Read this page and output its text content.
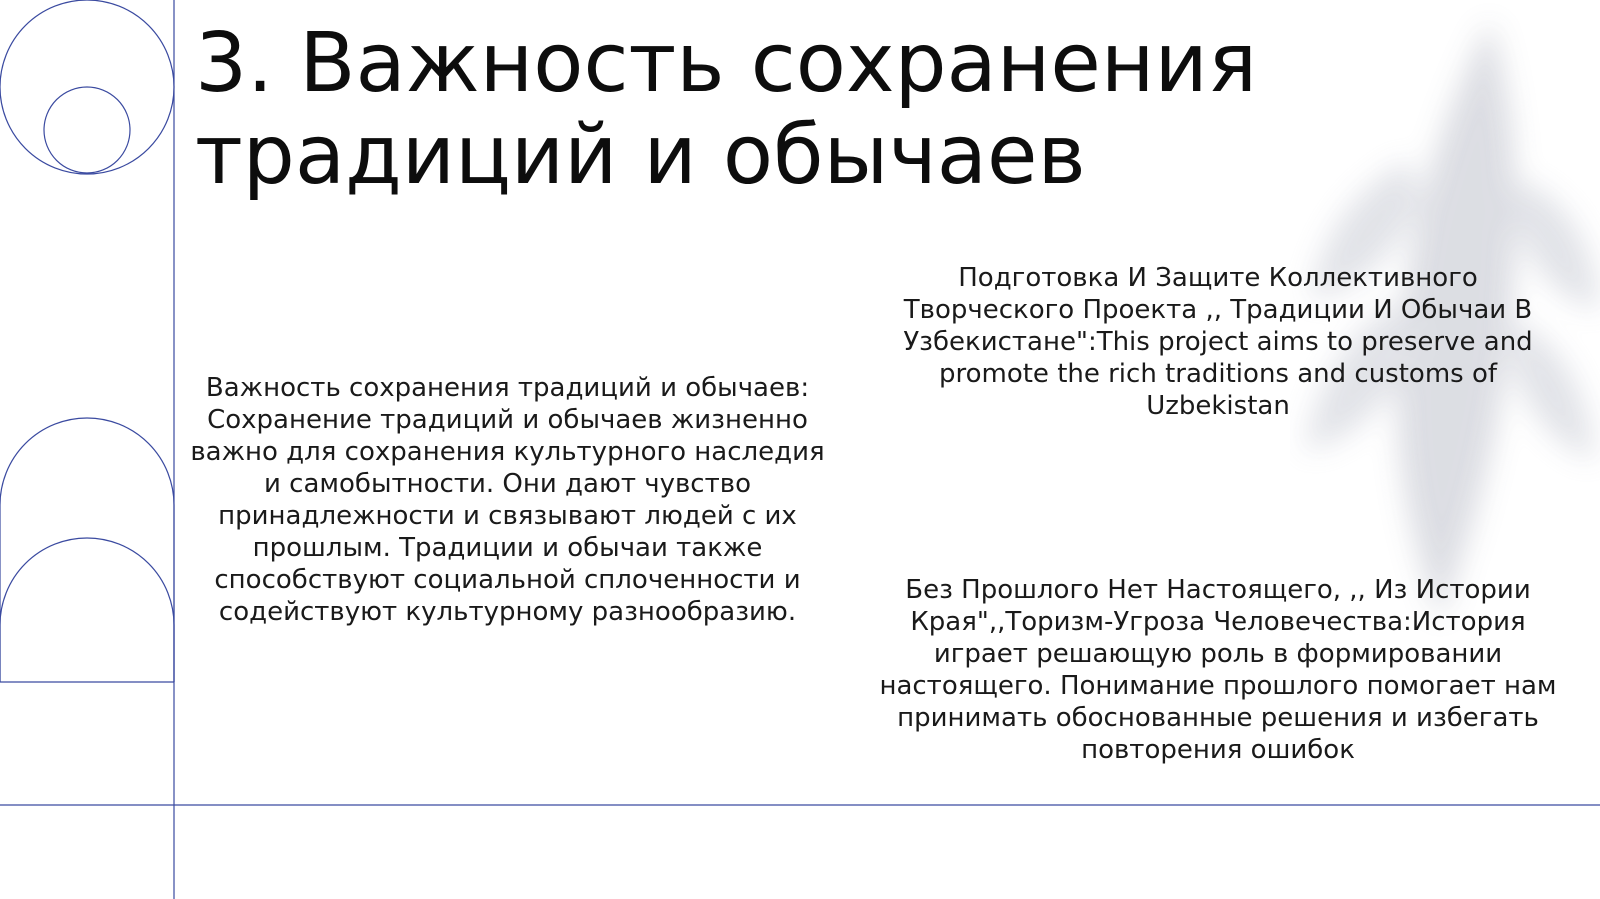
3. Важность сохранения традиций и обычаев

Важность сохранения традиций и обычаев: Сохранение традиций и обычаев жизненно важно для сохранения культурного наследия и самобытности. Они дают чувство принадлежности и связывают людей с их прошлым. Традиции и обычаи также способствуют социальной сплоченности и содействуют культурному разнообразию.

Подготовка И Защите Коллективного Творческого Проекта ,, Традиции И Обычаи В Узбекистане":This project aims to preserve and promote the rich traditions and customs of Uzbekistan

Без Прошлого Нет Настоящего, ,, Из Истории Края",,Торизм-Угроза Человечества:История играет решающую роль в формировании настоящего. Понимание прошлого помогает нам принимать обоснованные решения и избегать повторения ошибок
